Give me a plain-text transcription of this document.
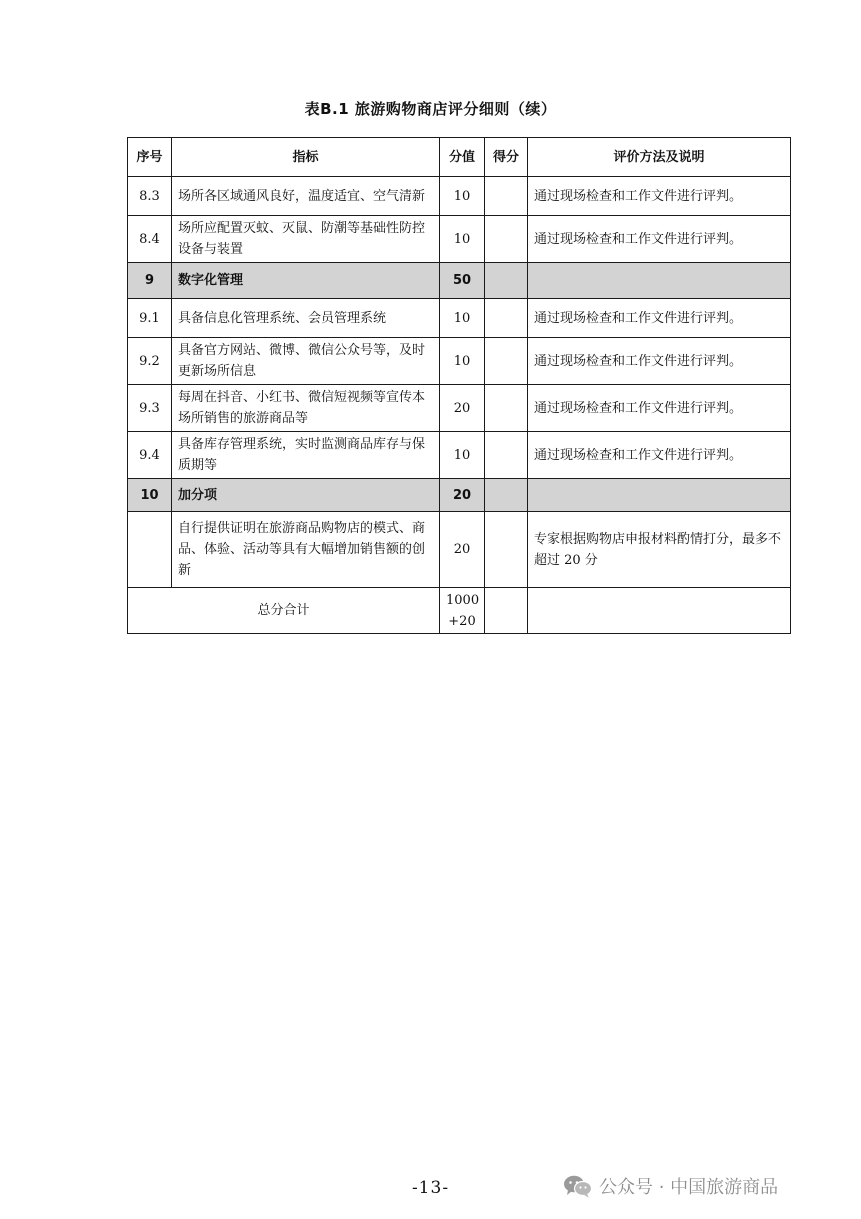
表B.1 旅游购物商店评分细则（续）
序号	指标	分值	得分	评价方法及说明
8.3	场所各区域通风良好，温度适宜、空气清新	10		通过现场检查和工作文件进行评判。
8.4	场所应配置灭蚊、灭鼠、防潮等基础性防控设备与装置	10		通过现场检查和工作文件进行评判。
9	数字化管理	50		
9.1	具备信息化管理系统、会员管理系统	10		通过现场检查和工作文件进行评判。
9.2	具备官方网站、微博、微信公众号等，及时更新场所信息	10		通过现场检查和工作文件进行评判。
9.3	每周在抖音、小红书、微信短视频等宣传本场所销售的旅游商品等	20		通过现场检查和工作文件进行评判。
9.4	具备库存管理系统，实时监测商品库存与保质期等	10		通过现场检查和工作文件进行评判。
10	加分项	20		
	自行提供证明在旅游商品购物店的模式、商品、体验、活动等具有大幅增加销售额的创新	20		专家根据购物店申报材料酌情打分，最多不超过 20 分
总分合计		1000
+20		

-13-	公众号 · 中国旅游商品
